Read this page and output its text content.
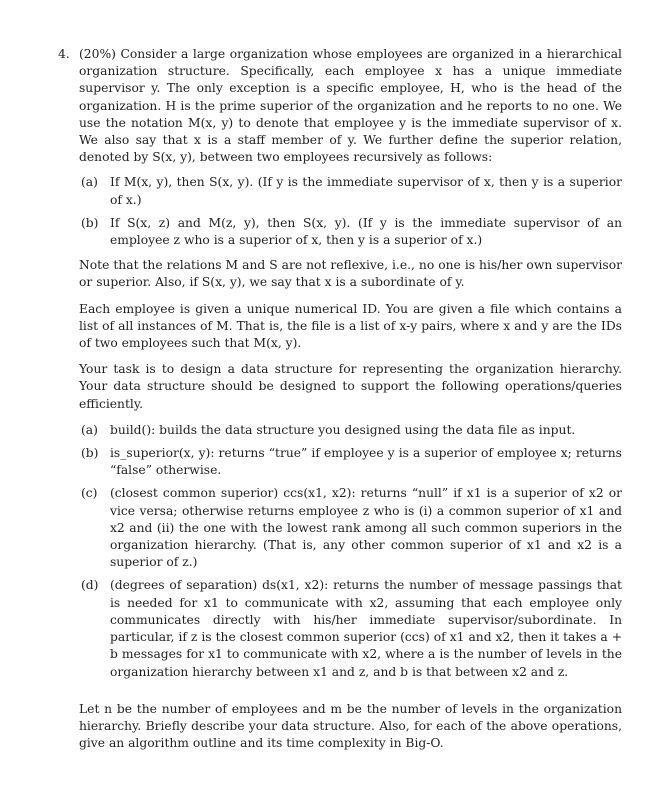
4. (20%) Consider a large organization whose employees are organized in a hierarchical organization structure. Specifically, each employee x has a unique immediate supervisor y. The only exception is a specific employee, H, who is the head of the organization. H is the prime superior of the organization and he reports to no one. We use the notation M(x, y) to denote that employee y is the immediate supervisor of x. We also say that x is a staff member of y. We further define the superior relation, denoted by S(x, y), between two employees recursively as follows:
(a) If M(x, y), then S(x, y). (If y is the immediate supervisor of x, then y is a superior of x.)
(b) If S(x, z) and M(z, y), then S(x, y). (If y is the immediate supervisor of an employee z who is a superior of x, then y is a superior of x.)

Note that the relations M and S are not reflexive, i.e., no one is his/her own supervisor or superior. Also, if S(x, y), we say that x is a subordinate of y.

Each employee is given a unique numerical ID. You are given a file which contains a list of all instances of M. That is, the file is a list of x-y pairs, where x and y are the IDs of two employees such that M(x, y).

Your task is to design a data structure for representing the organization hierarchy. Your data structure should be designed to support the following operations/queries efficiently.

(a) build(): builds the data structure you designed using the data file as input.
(b) is_superior(x, y): returns “true” if employee y is a superior of employee x; returns “false” otherwise.
(c) (closest common superior) ccs(x1, x2): returns “null” if x1 is a superior of x2 or vice versa; otherwise returns employee z who is (i) a common superior of x1 and x2 and (ii) the one with the lowest rank among all such common superiors in the organization hierarchy. (That is, any other common superior of x1 and x2 is a superior of z.)
(d) (degrees of separation) ds(x1, x2): returns the number of message passings that is needed for x1 to communicate with x2, assuming that each employee only communicates directly with his/her immediate supervisor/subordinate. In particular, if z is the closest common superior (ccs) of x1 and x2, then it takes a + b messages for x1 to communicate with x2, where a is the number of levels in the organization hierarchy between x1 and z, and b is that between x2 and z.

Let n be the number of employees and m be the number of levels in the organization hierarchy. Briefly describe your data structure. Also, for each of the above operations, give an algorithm outline and its time complexity in Big-O.
